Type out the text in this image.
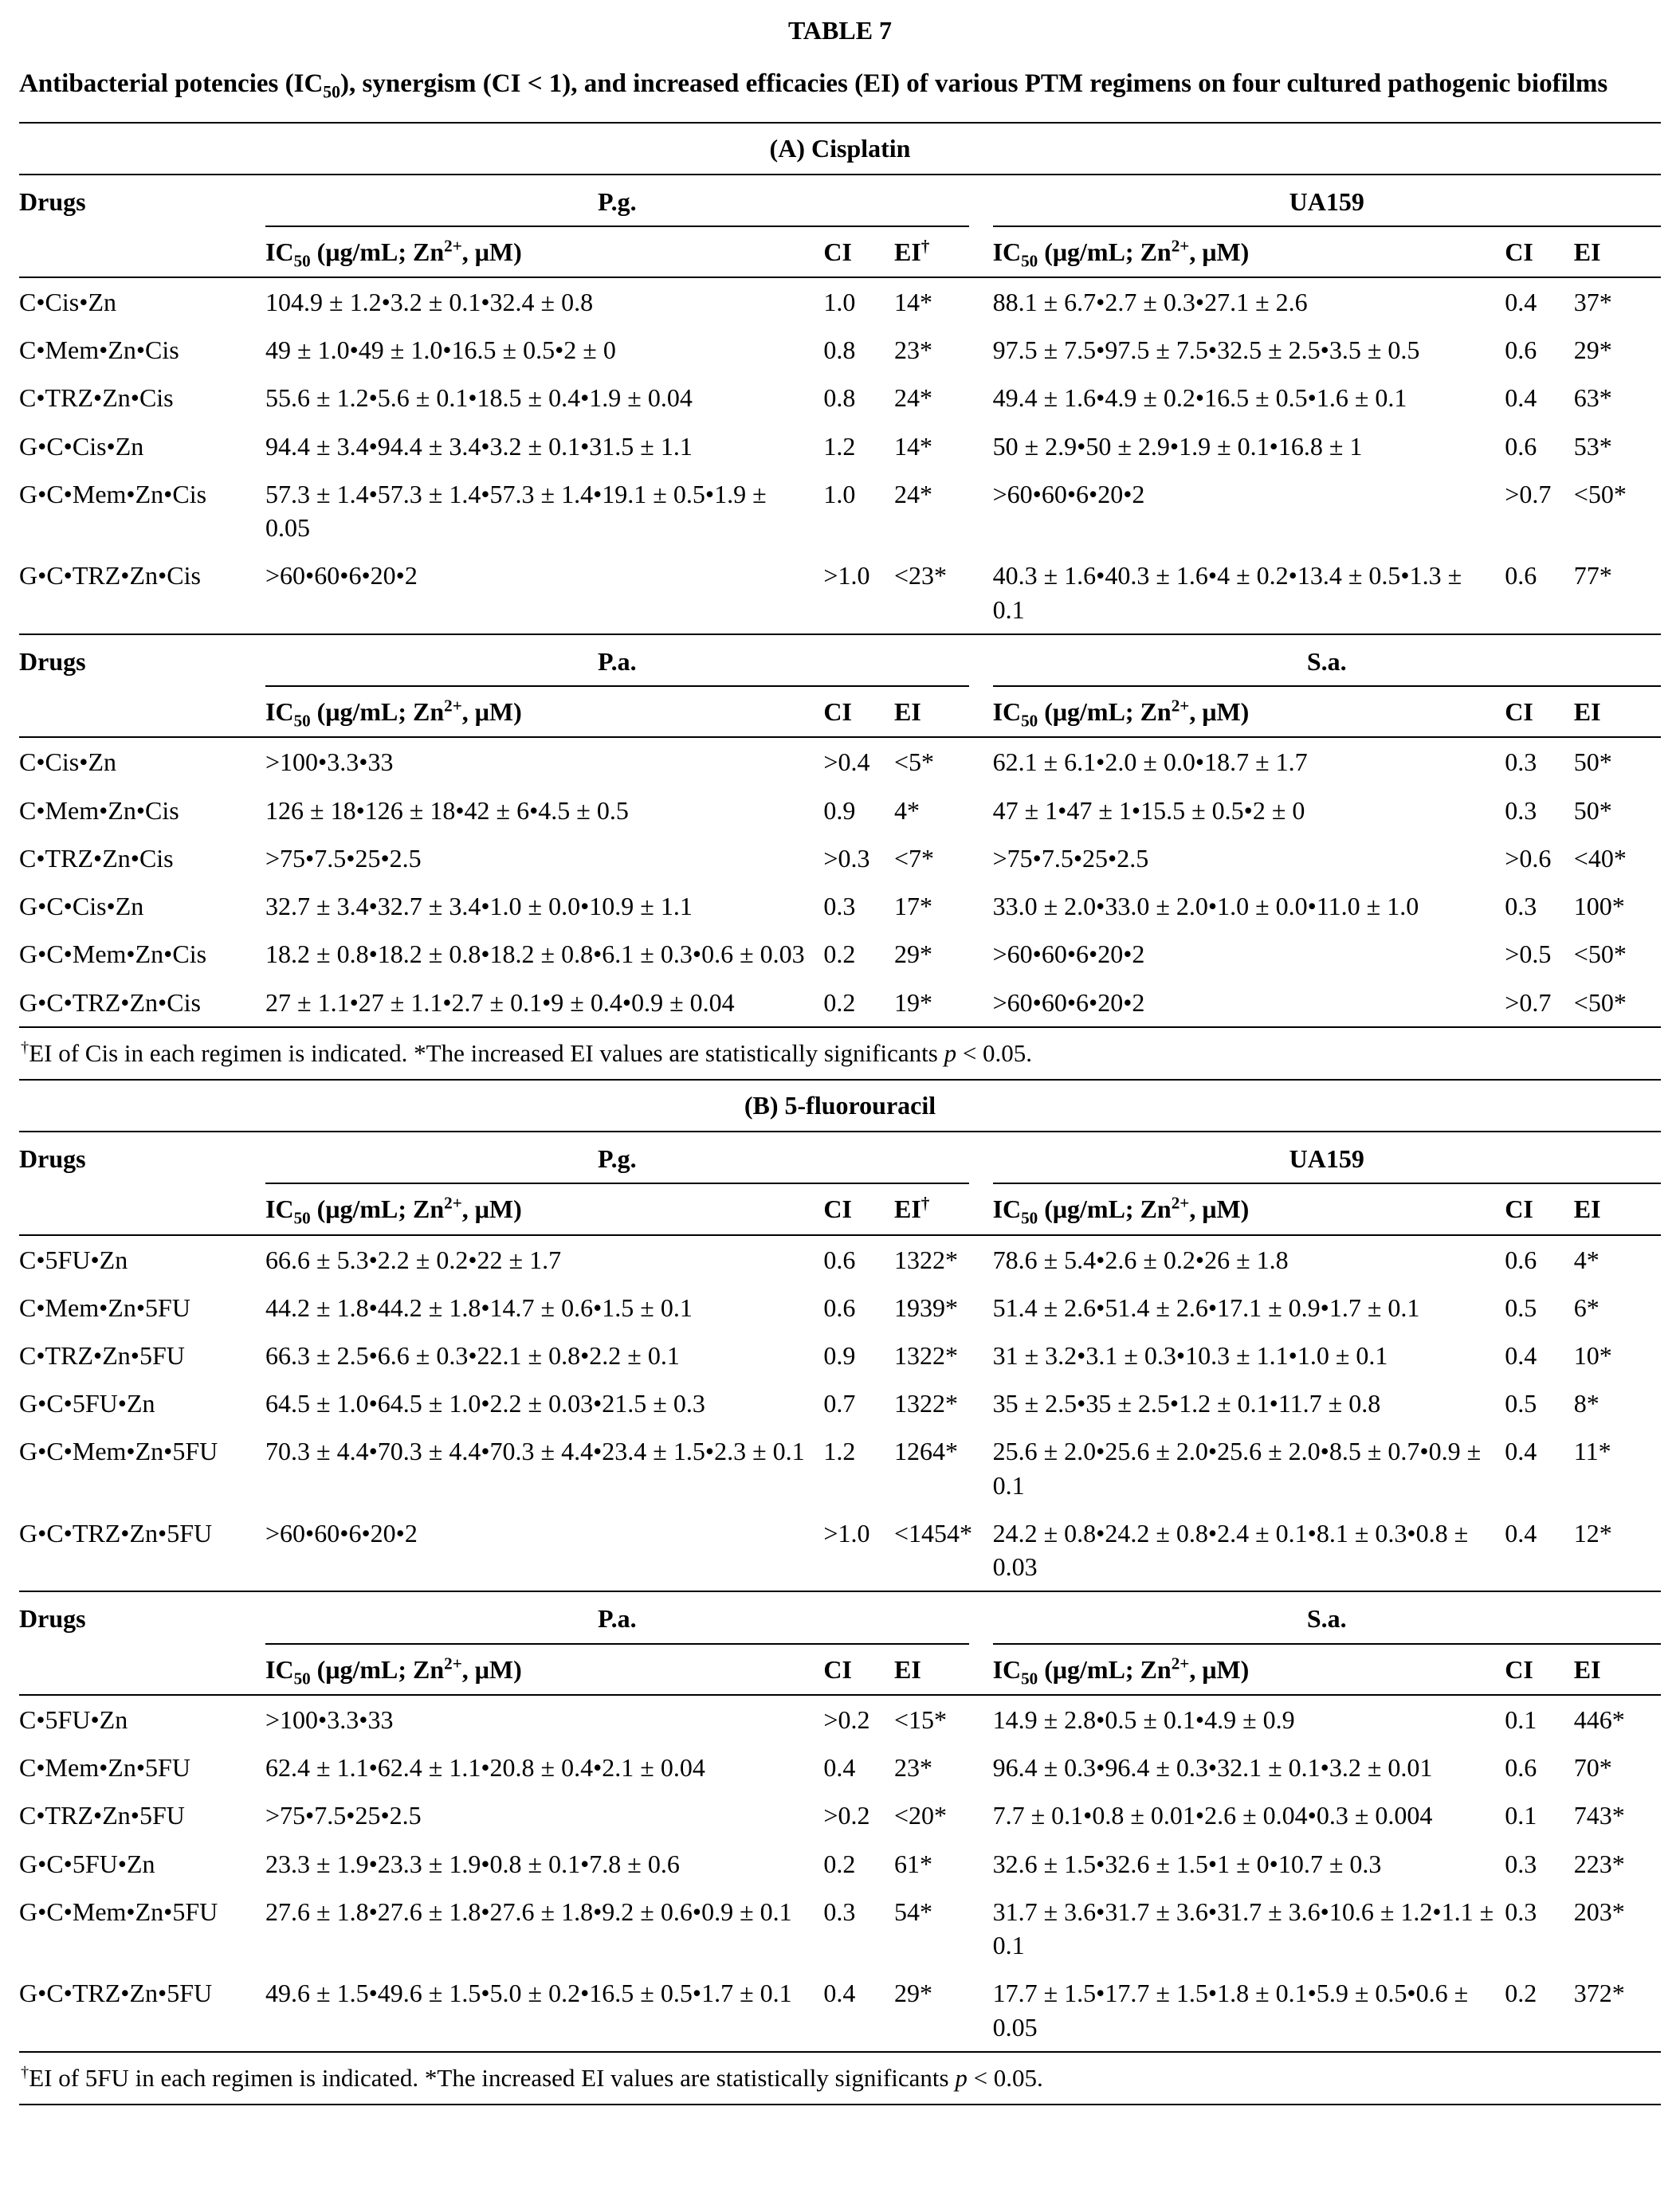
TABLE 7

Antibacterial potencies $(IC_{50})$, synergism (CI < 1), and increased efficacies (EI) of various PTM regimens on four cultured pathogenic biofilms

(A) Cisplatin
Drugs	P.g.			UA159		

	$IC_{50}$ (μg/mL; $Zn^{2+}$, μM)	CI	EI†	$IC_{50}$ (μg/mL; $Zn^{2+}$, μM)	CI	EI
C•Cis•Zn	104.9 ± 1.2•3.2 ± 0.1•32.4 ± 0.8	1.0	14*	88.1 ± 6.7•2.7 ± 0.3•27.1 ± 2.6	0.4	37*
C•Mem•Zn•Cis	49 ± 1.0•49 ± 1.0•16.5 ± 0.5•2 ± 0	0.8	23*	97.5 ± 7.5•97.5 ± 7.5•32.5 ± 2.5•3.5 ± 0.5	0.6	29*
C•TRZ•Zn•Cis	55.6 ± 1.2•5.6 ± 0.1•18.5 ± 0.4•1.9 ± 0.04	0.8	24*	49.4 ± 1.6•4.9 ± 0.2•16.5 ± 0.5•1.6 ± 0.1	0.4	63*
G•C•Cis•Zn	94.4 ± 3.4•94.4 ± 3.4•3.2 ± 0.1•31.5 ± 1.1	1.2	14*	50 ± 2.9•50 ± 2.9•1.9 ± 0.1•16.8 ± 1	0.6	53*
G•C•Mem•Zn•Cis	57.3 ± 1.4•57.3 ± 1.4•57.3 ± 1.4•19.1 ± 0.5•1.9 ± 0.05	1.0	24*	>60•60•6•20•2	>0.7	<50*
G•C•TRZ•Zn•Cis	>60•60•6•20•2	>1.0	<23*	40.3 ± 1.6•40.3 ± 1.6•4 ± 0.2•13.4 ± 0.5•1.3 ± 0.1	0.6	77*
Drugs	P.a.			S.a.		

	$IC_{50}$ (μg/mL; $Zn^{2+}$, μM)	CI	EI	$IC_{50}$ (μg/mL; $Zn^{2+}$, μM)	CI	EI
C•Cis•Zn	>100•3.3•33	>0.4	<5*	62.1 ± 6.1•2.0 ± 0.0•18.7 ± 1.7	0.3	50*
C•Mem•Zn•Cis	126 ± 18•126 ± 18•42 ± 6•4.5 ± 0.5	0.9	4*	47 ± 1•47 ± 1•15.5 ± 0.5•2 ± 0	0.3	50*
C•TRZ•Zn•Cis	>75•7.5•25•2.5	>0.3	<7*	>75•7.5•25•2.5	>0.6	<40*
G•C•Cis•Zn	32.7 ± 3.4•32.7 ± 3.4•1.0 ± 0.0•10.9 ± 1.1	0.3	17*	33.0 ± 2.0•33.0 ± 2.0•1.0 ± 0.0•11.0 ± 1.0	0.3	100*
G•C•Mem•Zn•Cis	18.2 ± 0.8•18.2 ± 0.8•18.2 ± 0.8•6.1 ± 0.3•0.6 ± 0.03	0.2	29*	>60•60•6•20•2	>0.5	<50*
G•C•TRZ•Zn•Cis	27 ± 1.1•27 ± 1.1•2.7 ± 0.1•9 ± 0.4•0.9 ± 0.04	0.2	19*	>60•60•6•20•2	>0.7	<50*
†EI of Cis in each regimen is indicated. *The increased EI values are statistically significants p < 0.05.
(B) 5-fluorouracil
Drugs	P.g.			UA159		

	$IC_{50}$ (μg/mL; $Zn^{2+}$, μM)	CI	EI†	$IC_{50}$ (μg/mL; $Zn^{2+}$, μM)	CI	EI
C•5FU•Zn	66.6 ± 5.3•2.2 ± 0.2•22 ± 1.7	0.6	1322*	78.6 ± 5.4•2.6 ± 0.2•26 ± 1.8	0.6	4*
C•Mem•Zn•5FU	44.2 ± 1.8•44.2 ± 1.8•14.7 ± 0.6•1.5 ± 0.1	0.6	1939*	51.4 ± 2.6•51.4 ± 2.6•17.1 ± 0.9•1.7 ± 0.1	0.5	6*
C•TRZ•Zn•5FU	66.3 ± 2.5•6.6 ± 0.3•22.1 ± 0.8•2.2 ± 0.1	0.9	1322*	31 ± 3.2•3.1 ± 0.3•10.3 ± 1.1•1.0 ± 0.1	0.4	10*
G•C•5FU•Zn	64.5 ± 1.0•64.5 ± 1.0•2.2 ± 0.03•21.5 ± 0.3	0.7	1322*	35 ± 2.5•35 ± 2.5•1.2 ± 0.1•11.7 ± 0.8	0.5	8*
G•C•Mem•Zn•5FU	70.3 ± 4.4•70.3 ± 4.4•70.3 ± 4.4•23.4 ± 1.5•2.3 ± 0.1	1.2	1264*	25.6 ± 2.0•25.6 ± 2.0•25.6 ± 2.0•8.5 ± 0.7•0.9 ± 0.1	0.4	11*
G•C•TRZ•Zn•5FU	>60•60•6•20•2	>1.0	<1454*	24.2 ± 0.8•24.2 ± 0.8•2.4 ± 0.1•8.1 ± 0.3•0.8 ± 0.03	0.4	12*
Drugs	P.a.			S.a.		

	$IC_{50}$ (μg/mL; $Zn^{2+}$, μM)	CI	EI	$IC_{50}$ (μg/mL; $Zn^{2+}$, μM)	CI	EI
C•5FU•Zn	>100•3.3•33	>0.2	<15*	14.9 ± 2.8•0.5 ± 0.1•4.9 ± 0.9	0.1	446*
C•Mem•Zn•5FU	62.4 ± 1.1•62.4 ± 1.1•20.8 ± 0.4•2.1 ± 0.04	0.4	23*	96.4 ± 0.3•96.4 ± 0.3•32.1 ± 0.1•3.2 ± 0.01	0.6	70*
C•TRZ•Zn•5FU	>75•7.5•25•2.5	>0.2	<20*	7.7 ± 0.1•0.8 ± 0.01•2.6 ± 0.04•0.3 ± 0.004	0.1	743*
G•C•5FU•Zn	23.3 ± 1.9•23.3 ± 1.9•0.8 ± 0.1•7.8 ± 0.6	0.2	61*	32.6 ± 1.5•32.6 ± 1.5•1 ± 0•10.7 ± 0.3	0.3	223*
G•C•Mem•Zn•5FU	27.6 ± 1.8•27.6 ± 1.8•27.6 ± 1.8•9.2 ± 0.6•0.9 ± 0.1	0.3	54*	31.7 ± 3.6•31.7 ± 3.6•31.7 ± 3.6•10.6 ± 1.2•1.1 ± 0.1	0.3	203*
G•C•TRZ•Zn•5FU	49.6 ± 1.5•49.6 ± 1.5•5.0 ± 0.2•16.5 ± 0.5•1.7 ± 0.1	0.4	29*	17.7 ± 1.5•17.7 ± 1.5•1.8 ± 0.1•5.9 ± 0.5•0.6 ± 0.05	0.2	372*
†EI of 5FU in each regimen is indicated. *The increased EI values are statistically significants p < 0.05.
